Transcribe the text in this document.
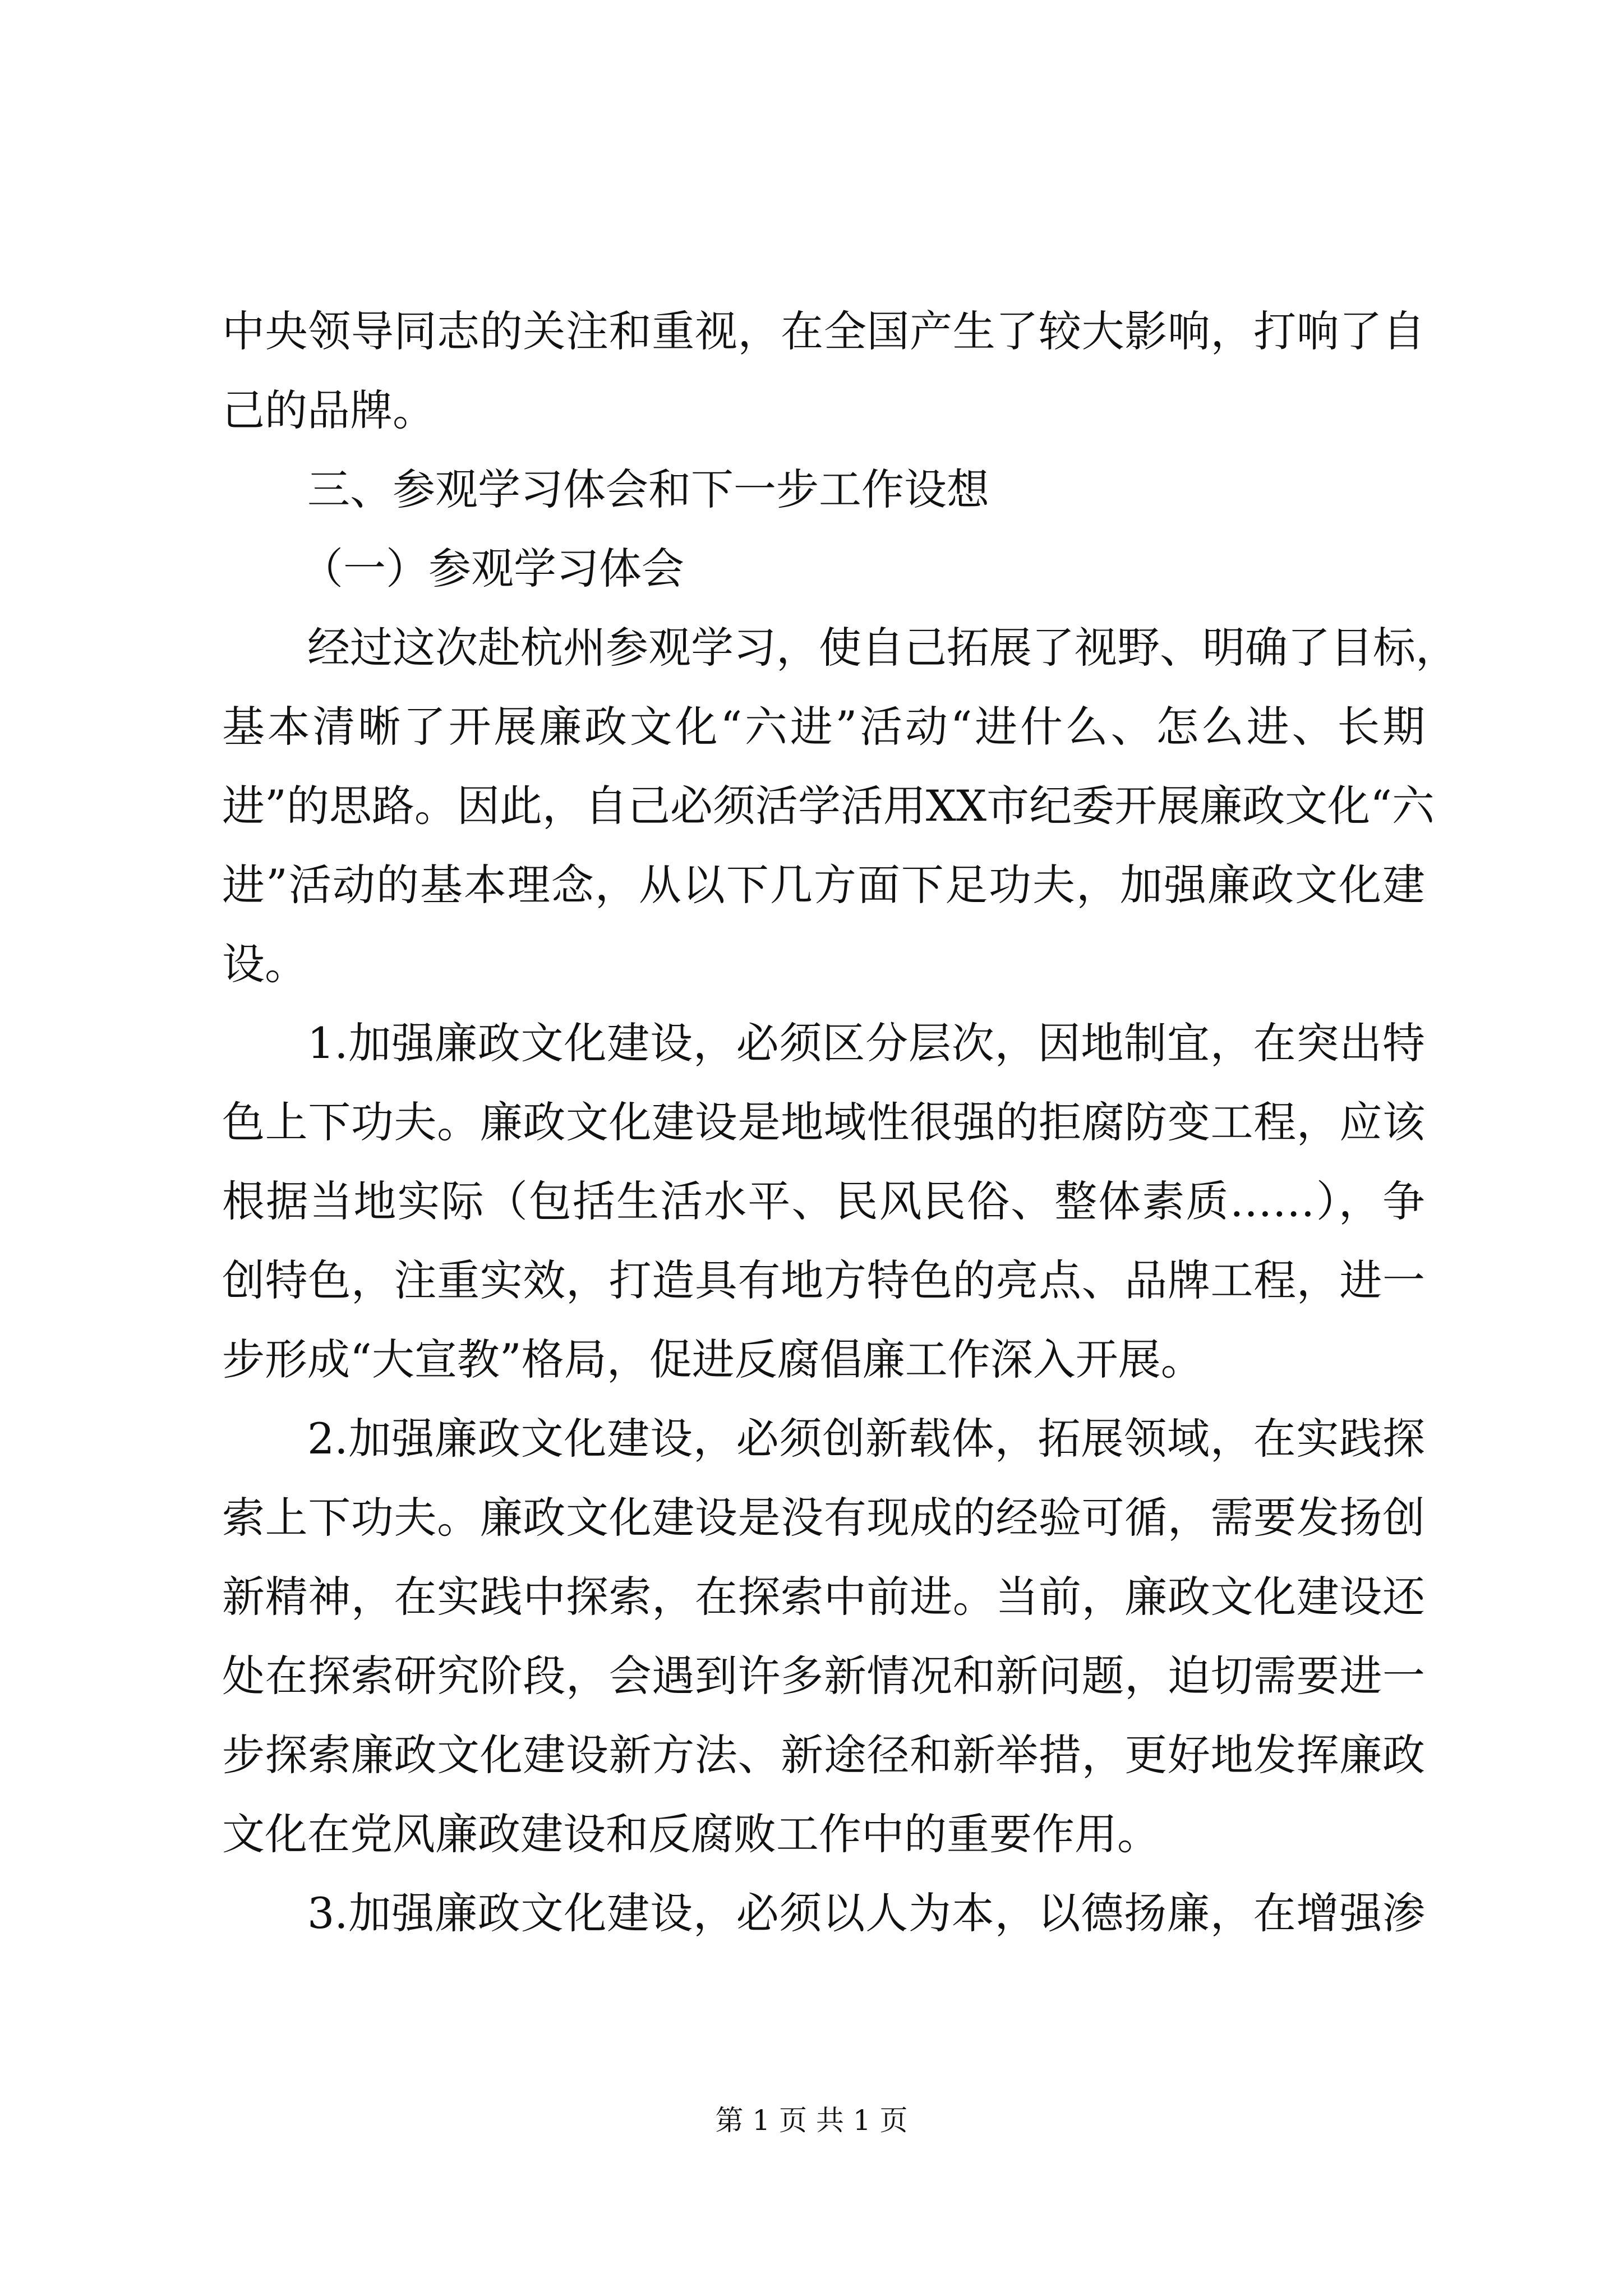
中央领导同志的关注和重视，在全国产生了较大影响，打响了自

己的品牌。

三、参观学习体会和下一步工作设想

（一）参观学习体会

经过这次赴杭州参观学习，使自己拓展了视野、明确了目标，

基本清晰了开展廉政文化“六进”活动“进什么、怎么进、长期

进”的思路。因此，自己必须活学活用XX市纪委开展廉政文化“六

进”活动的基本理念，从以下几方面下足功夫，加强廉政文化建

设。

1.加强廉政文化建设，必须区分层次，因地制宜，在突出特

色上下功夫。廉政文化建设是地域性很强的拒腐防变工程，应该

根据当地实际（包括生活水平、民风民俗、整体素质……），争

创特色，注重实效，打造具有地方特色的亮点、品牌工程，进一

步形成“大宣教”格局，促进反腐倡廉工作深入开展。

2.加强廉政文化建设，必须创新载体，拓展领域，在实践探

索上下功夫。廉政文化建设是没有现成的经验可循，需要发扬创

新精神，在实践中探索，在探索中前进。当前，廉政文化建设还

处在探索研究阶段，会遇到许多新情况和新问题，迫切需要进一

步探索廉政文化建设新方法、新途径和新举措，更好地发挥廉政

文化在党风廉政建设和反腐败工作中的重要作用。

3.加强廉政文化建设，必须以人为本，以德扬廉，在增强渗

第 1 页 共 1 页
